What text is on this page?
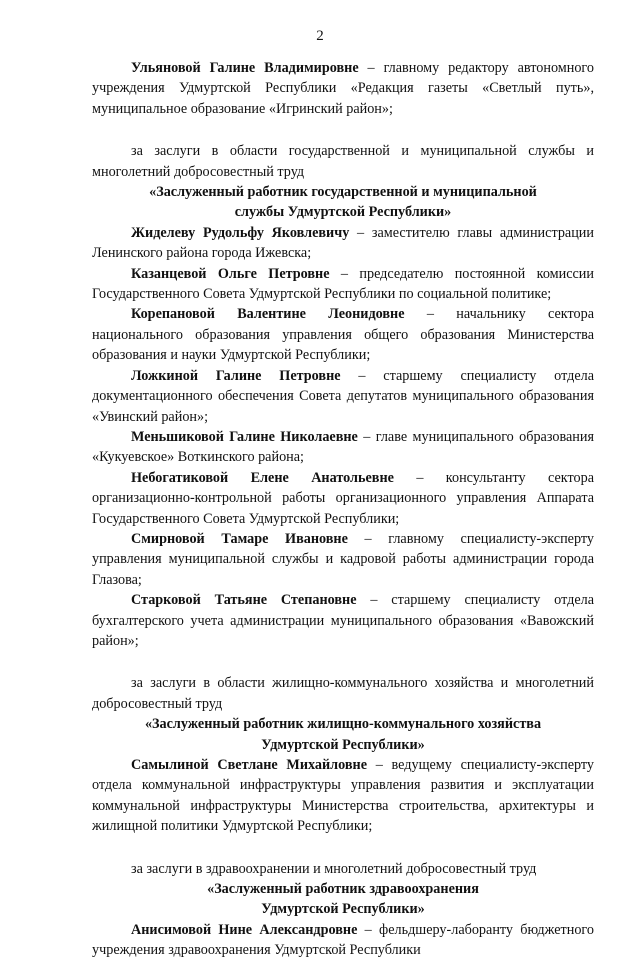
2

Ульяновой Галине Владимировне – главному редактору автономного учреждения Удмуртской Республики «Редакция газеты «Светлый путь», муниципальное образование «Игринский район»;

за заслуги в области государственной и муниципальной службы и многолетний добросовестный труд

«Заслуженный работник государственной и муниципальной

службы Удмуртской Республики»

Жиделеву Рудольфу Яковлевичу – заместителю главы администрации Ленинского района города Ижевска;

Казанцевой Ольге Петровне – председателю постоянной комиссии Государственного Совета Удмуртской Республики по социальной политике;

Корепановой Валентине Леонидовне – начальнику сектора национального образования управления общего образования Министерства образования и науки Удмуртской Республики;

Ложкиной Галине Петровне – старшему специалисту отдела документационного обеспечения Совета депутатов муниципального образования «Увинский район»;

Меньшиковой Галине Николаевне – главе муниципального образования «Кукуевское» Воткинского района;

Небогатиковой Елене Анатольевне – консультанту сектора организационно-контрольной работы организационного управления Аппарата Государственного Совета Удмуртской Республики;

Смирновой Тамаре Ивановне – главному специалисту-эксперту управления муниципальной службы и кадровой работы администрации города Глазова;

Старковой Татьяне Степановне – старшему специалисту отдела бухгалтерского учета администрации муниципального образования «Вавожский район»;

за заслуги в области жилищно-коммунального хозяйства и многолетний добросовестный труд

«Заслуженный работник жилищно-коммунального хозяйства

Удмуртской Республики»

Самылиной Светлане Михайловне – ведущему специалисту-эксперту отдела коммунальной инфраструктуры управления развития и эксплуатации коммунальной инфраструктуры Министерства строительства, архитектуры и жилищной политики Удмуртской Республики;

за заслуги в здравоохранении и многолетний добросовестный труд

«Заслуженный работник здравоохранения

Удмуртской Республики»

Анисимовой Нине Александровне – фельдшеру-лаборанту бюджетного учреждения здравоохранения Удмуртской Республики
